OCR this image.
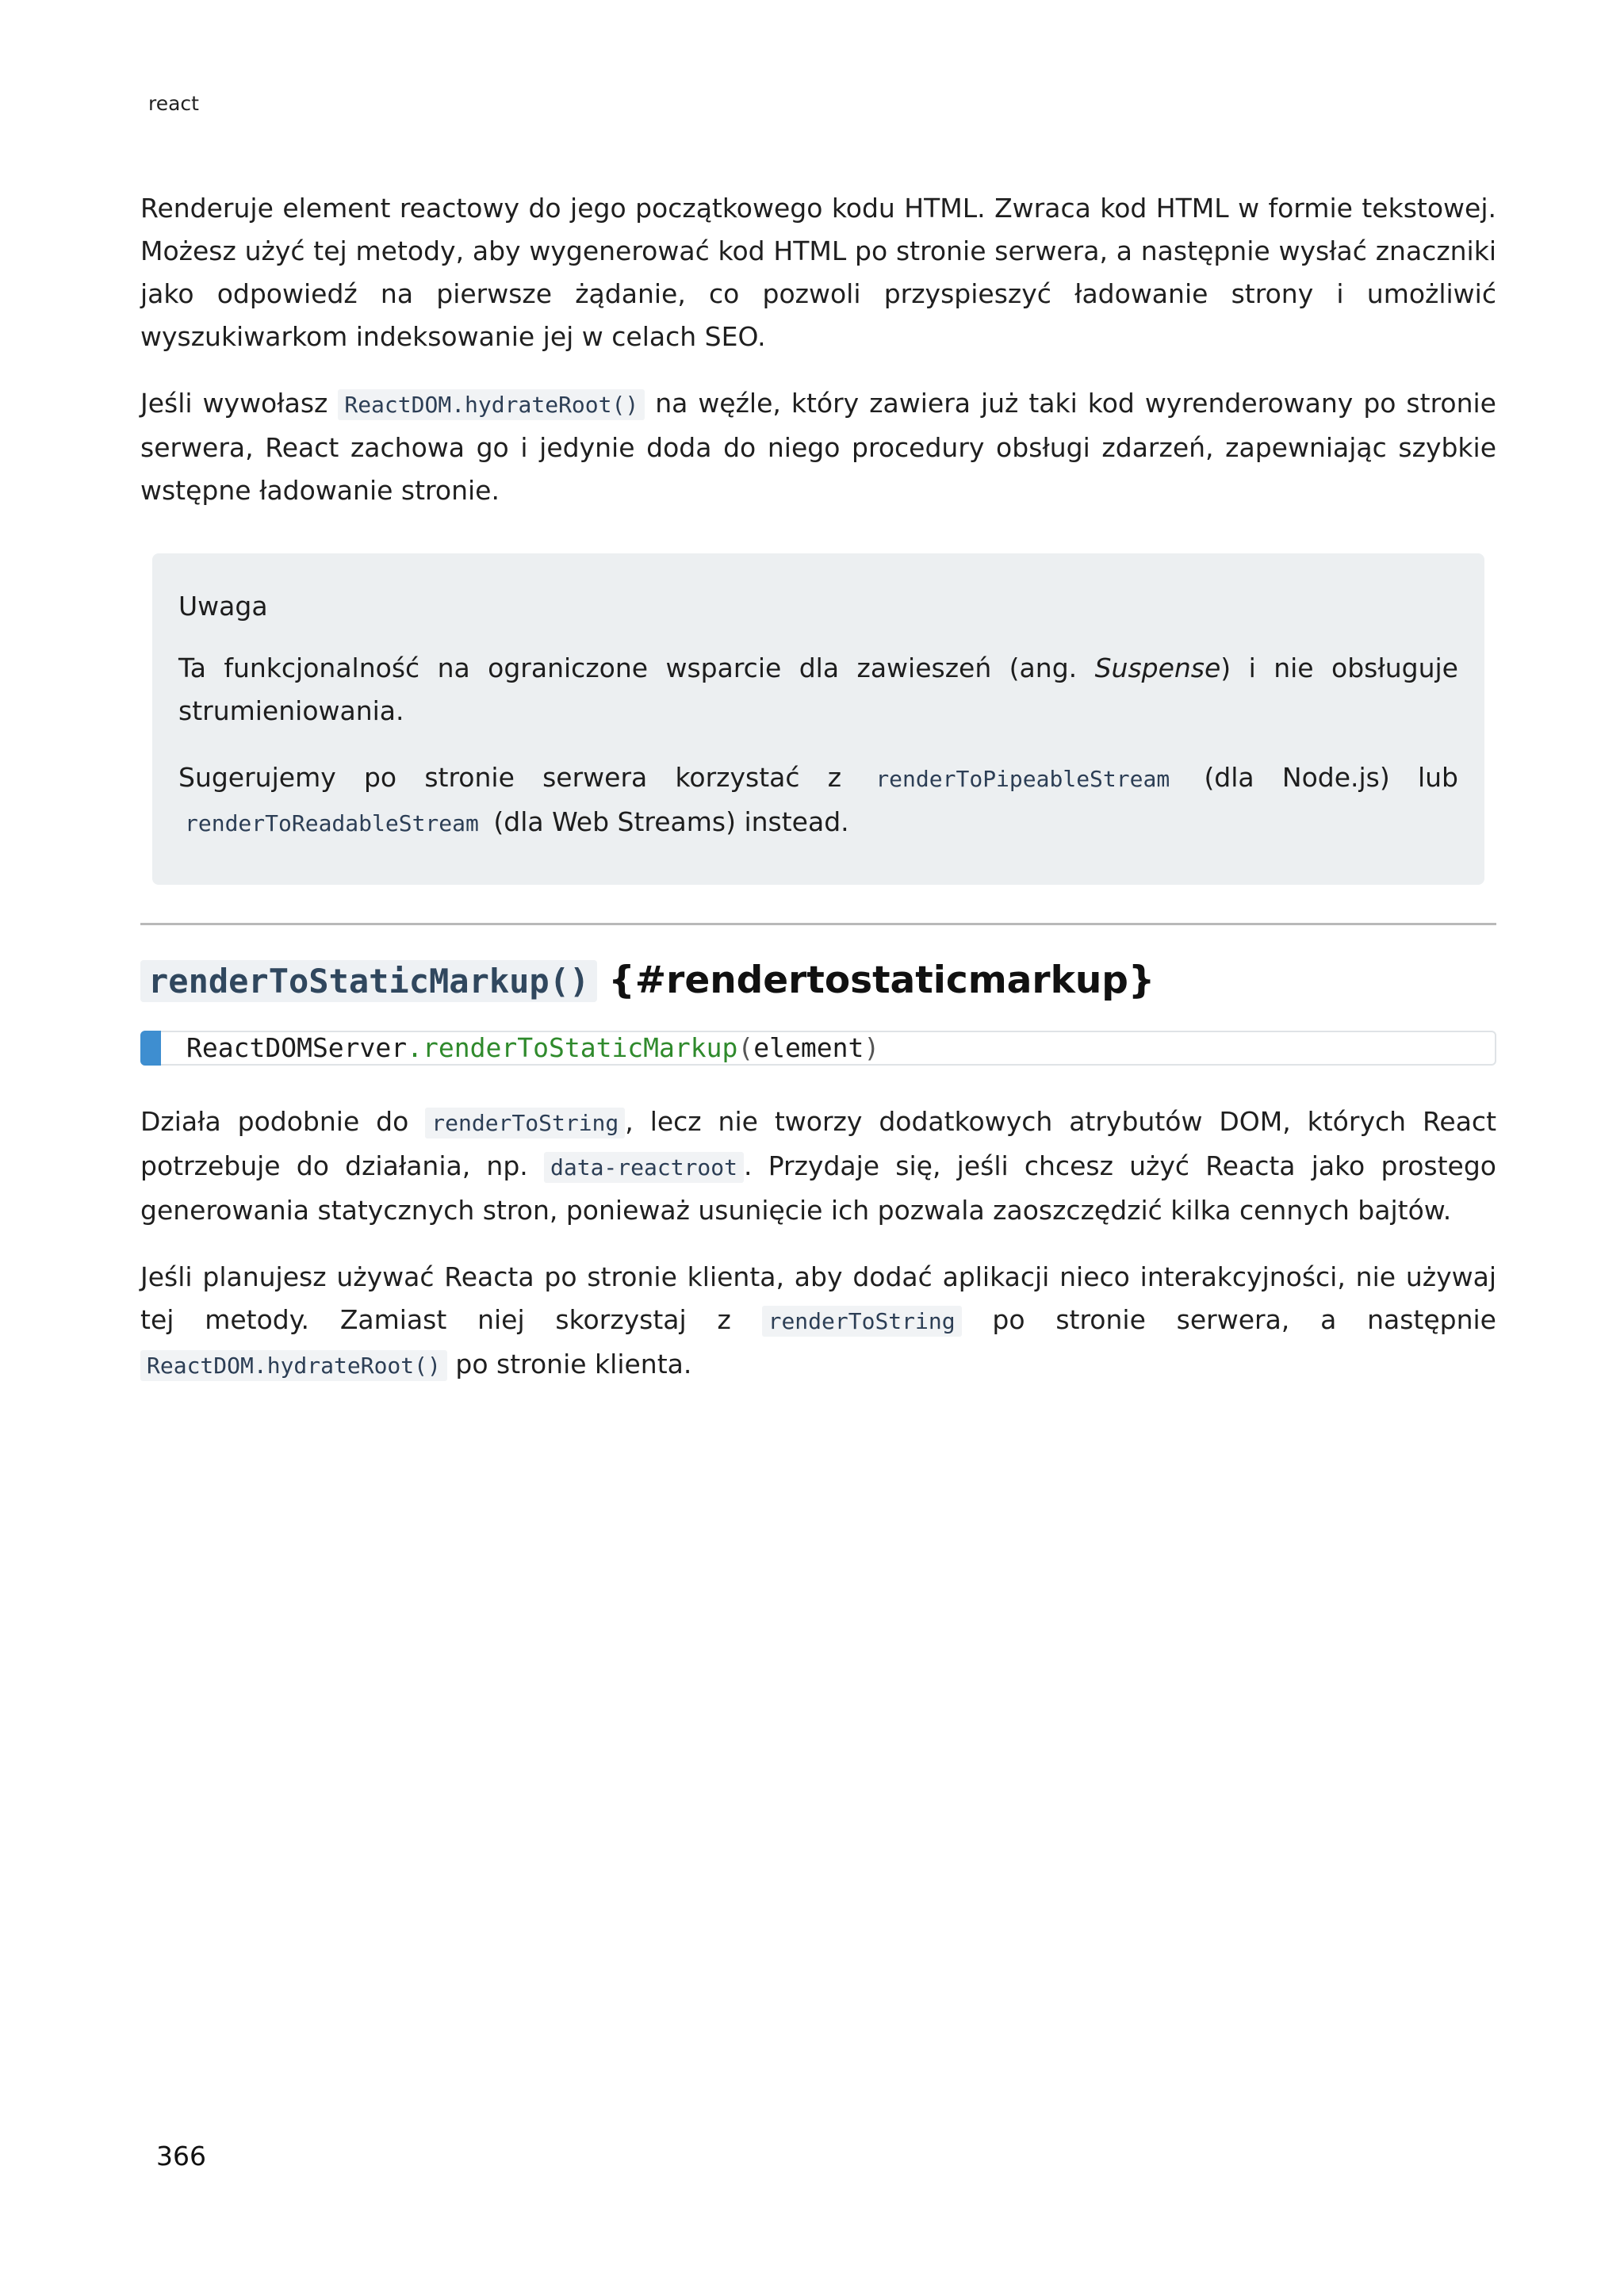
react

Renderuje element reactowy do jego początkowego kodu HTML. Zwraca kod HTML w formie tekstowej. Możesz użyć tej metody, aby wygenerować kod HTML po stronie serwera, a następnie wysłać znaczniki jako odpowiedź na pierwsze żądanie, co pozwoli przyspieszyć ładowanie strony i umożliwić wyszukiwarkom indeksowanie jej w celach SEO.

Jeśli wywołasz ReactDOM.hydrateRoot() na węźle, który zawiera już taki kod wyrenderowany po stronie serwera, React zachowa go i jedynie doda do niego procedury obsługi zdarzeń, zapewniając szybkie wstępne ładowanie stronie.

Uwaga

Ta funkcjonalność na ograniczone wsparcie dla zawieszeń (ang. Suspense) i nie obsługuje strumieniowania.

Sugerujemy po stronie serwera korzystać z renderToPipeableStream (dla Node.js) lub renderToReadableStream (dla Web Streams) instead.

renderToStaticMarkup() {#rendertostaticmarkup}
ReactDOMServer.renderToStaticMarkup(element)

Działa podobnie do renderToString , lecz nie tworzy dodatkowych atrybutów DOM, których React potrzebuje do działania, np. data-reactroot . Przydaje się, jeśli chcesz użyć Reacta jako prostego generowania statycznych stron, ponieważ usunięcie ich pozwala zaoszczędzić kilka cennych bajtów.

Jeśli planujesz używać Reacta po stronie klienta, aby dodać aplikacji nieco interakcyjności, nie używaj tej metody. Zamiast niej skorzystaj z renderToString po stronie serwera, a następnie ReactDOM.hydrateRoot() po stronie klienta.

366
